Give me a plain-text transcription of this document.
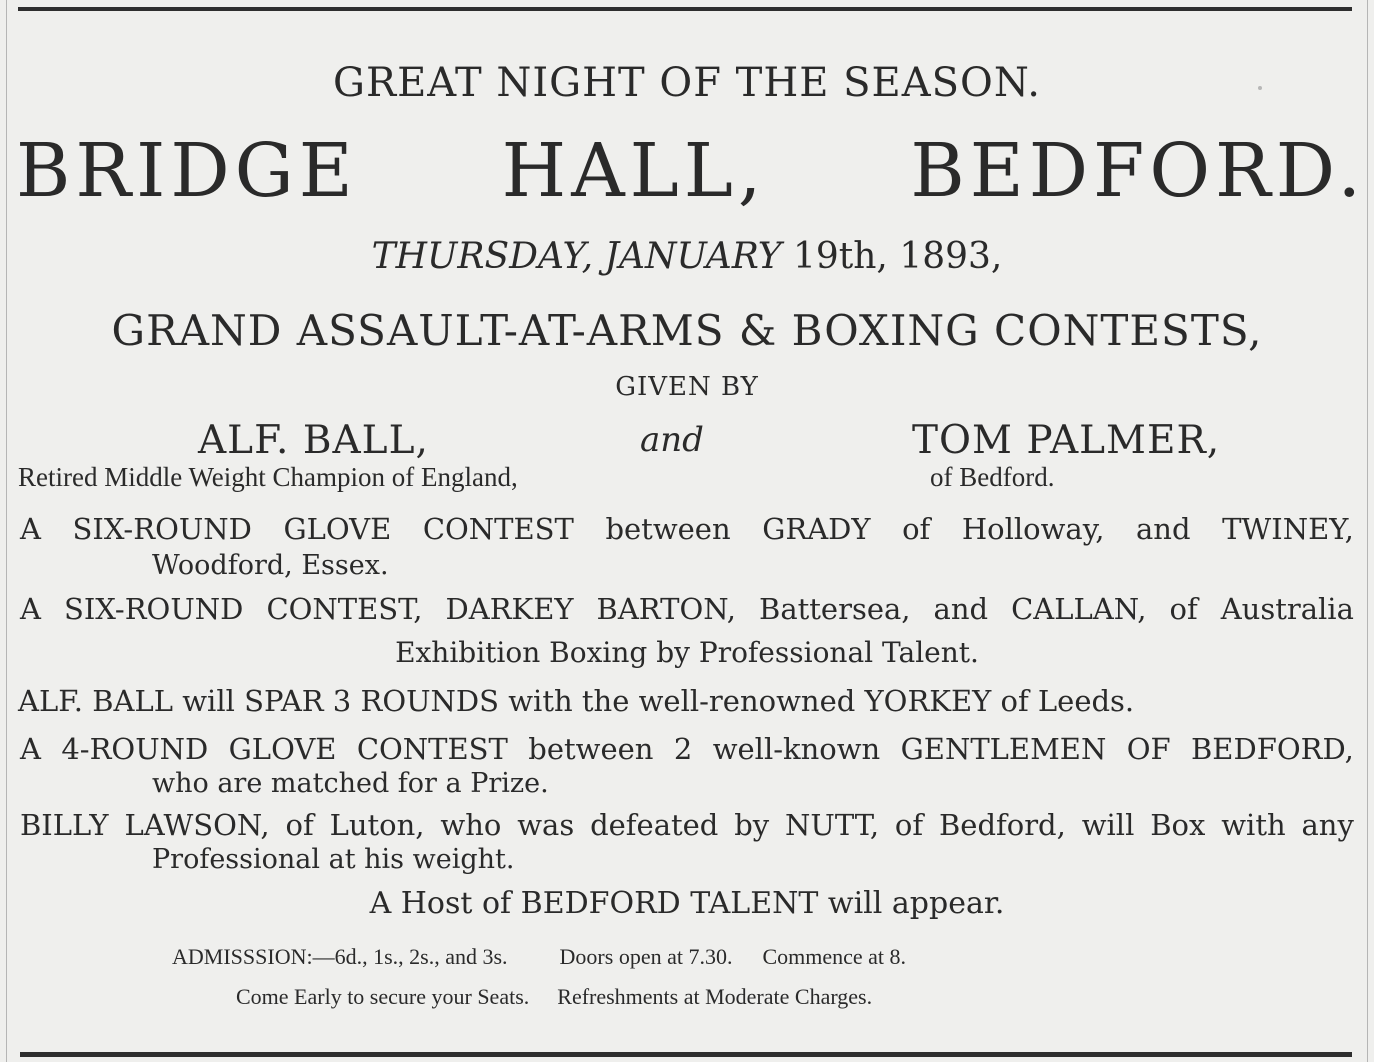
GREAT NIGHT OF THE SEASON.
BRIDGE HALL, BEDFORD.
THURSDAY, JANUARY 19th, 1893,
GRAND ASSAULT-AT-ARMS & BOXING CONTESTS,
GIVEN BY
ALF. BALL,	and	TOM PALMER,
Retired Middle Weight Champion of England,	of Bedford.
A SIX-ROUND GLOVE CONTEST between GRADY of Holloway, and TWINEY,
Woodford, Essex.
A SIX-ROUND CONTEST, DARKEY BARTON, Battersea, and CALLAN, of Australia
Exhibition Boxing by Professional Talent.
ALF. BALL will SPAR 3 ROUNDS with the well-renowned YORKEY of Leeds.
A 4-ROUND GLOVE CONTEST between 2 well-known GENTLEMEN OF BEDFORD,
who are matched for a Prize.
BILLY LAWSON, of Luton, who was defeated by NUTT, of Bedford, will Box with any
Professional at his weight.
A Host of BEDFORD TALENT will appear.
ADMISSSION:—6d., 1s., 2s., and 3s. Doors open at 7.30. Commence at 8.
Come Early to secure your Seats. Refreshments at Moderate Charges.
